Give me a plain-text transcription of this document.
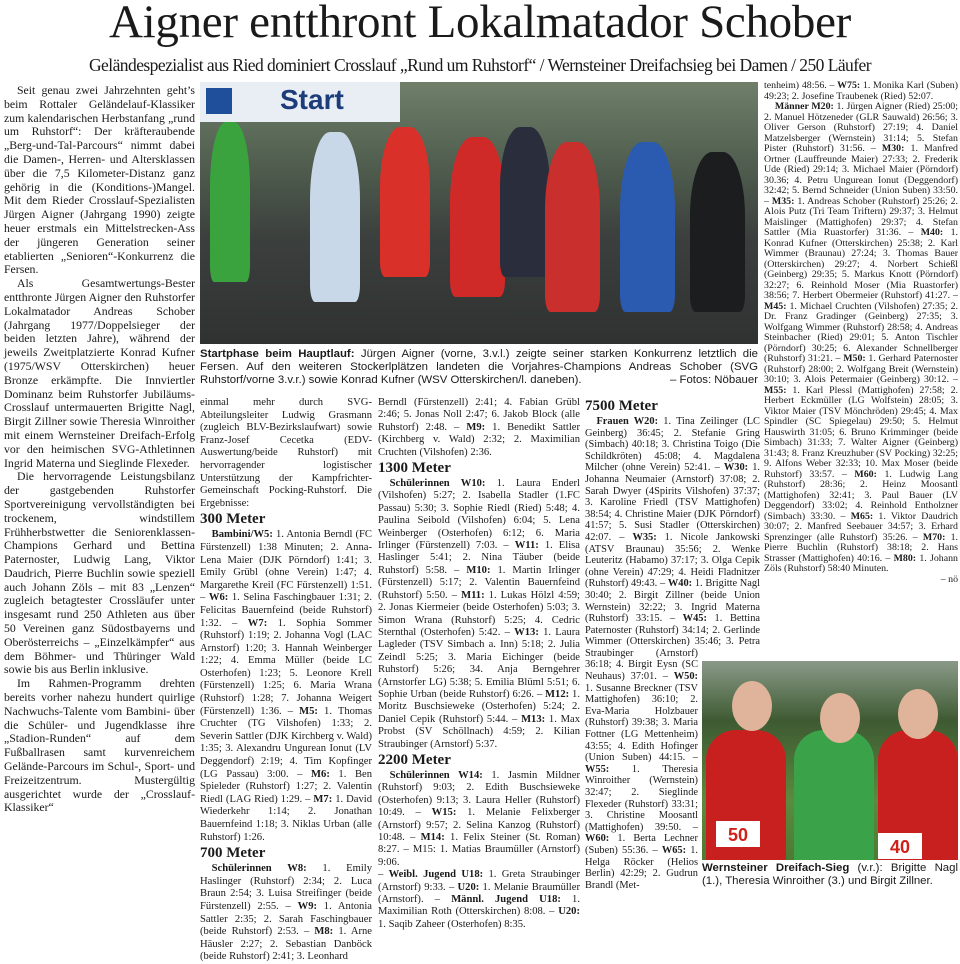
Aigner entthront Lokalmatador Schober
Geländespezialist aus Ried dominiert Crosslauf „Rund um Ruhstorf“ / Wernsteiner Dreifachsieg bei Damen / 250 Läufer
Start
Startphase beim Hauptlauf: Jürgen Aigner (vorne, 3.v.l.) zeigte seiner starken Konkurrenz letztlich die Fersen. Auf den weiteren Stockerlplätzen landeten die Vorjahres-Champions Andreas Schober (SVG Ruhstorf/vorne 3.v.r.) sowie Konrad Kufner (WSV Otterskirchen/l. daneben).	– Fotos: Nöbauer

Seit genau zwei Jahrzehnten geht’s beim Rottaler Geländelauf-Klassiker zum kalendarischen Herbstanfang „rund um Ruhstorf“: Der kräfteraubende „Berg-und-Tal-Parcours“ nimmt dabei die Damen-, Herren- und Altersklassen über die 7,5 Kilometer-Distanz ganz gehörig in die (Konditions-)Mangel. Mit dem Rieder Crosslauf-Spezialisten Jürgen Aigner (Jahrgang 1990) zeigte heuer erstmals ein Mittelstrecken-Ass der jüngeren Generation seiner etablierten „Senioren“-Konkurrenz die Fersen.

Als Gesamtwertungs-Bester entthronte Jürgen Aigner den Ruhstorfer Lokalmatador Andreas Schober (Jahrgang 1977/Doppelsieger der beiden letzten Jahre), während der jeweils Zweitplatzierte Konrad Kufner (1975/WSV Otterskirchen) heuer Bronze erkämpfte. Die Innviertler Dominanz beim Ruhstorfer Jubiläums-Crosslauf untermauerten Brigitte Nagl, Birgit Zillner sowie Theresia Winroither mit einem Wernsteiner Dreifach-Erfolg vor den heimischen SVG-Athletinnen Ingrid Materna und Sieglinde Flexeder.

Die hervorragende Leistungsbilanz der gastgebenden Ruhstorfer Sportvereinigung vervollständigten bei trockenem, windstillem Frühherbstwetter die Seniorenklassen-Champions Gerhard und Bettina Paternoster, Ludwig Lang, Viktor Daudrich, Pierre Buchlin sowie speziell auch Johann Zöls – mit 83 „Lenzen“ zugleich betagtester Crossläufer unter insgesamt rund 250 Athleten aus über 50 Vereinen ganz Südostbayerns und Oberösterreichs – „Einzelkämpfer“ aus dem Böhmer- und Thüringer Wald sowie bis aus Berlin inklusive.

Im Rahmen-Programm drehten bereits vorher nahezu hundert quirlige Nachwuchs-Talente vom Bambini- über die Schüler- und Jugendklasse ihre „Stadion-Runden“ auf dem Fußballrasen samt kurvenreichem Gelände-Parcours im Schul-, Sport- und Freizeitzentrum. Mustergültig ausgerichtet wurde der „Crosslauf-Klassiker“

einmal mehr durch SVG-Abteilungsleiter Ludwig Grasmann (zugleich BLV-Bezirkslaufwart) sowie Franz-Josef Cecetka (EDV-Auswertung/beide Ruhstorf) mit hervorragender logistischer Unterstützung der Kampfrichter-Gemeinschaft Pocking-Ruhstorf. Die Ergebnisse:

300 Meter

Bambini/W5: 1. Antonia Berndl (FC Fürstenzell) 1:38 Minuten; 2. Anna-Lena Maier (DJK Pörndorf) 1:41; 3. Emily Grübl (ohne Verein) 1:47; 4. Margarethe Kreil (FC Fürstenzell) 1:51. – W6: 1. Selina Faschingbauer 1:31; 2. Felicitas Bauernfeind (beide Ruhstorf) 1:32. – W7: 1. Sophia Sommer (Ruhstorf) 1:19; 2. Johanna Vogl (LAC Arnstorf) 1:20; 3. Hannah Weinberger 1:22; 4. Emma Müller (beide LC Osterhofen) 1:23; 5. Leonore Krell (Fürstenzell) 1:25; 6. Maria Wrana (Ruhstorf) 1:28; 7. Johanna Weigert (Fürstenzell) 1:36. – M5: 1. Thomas Cruchter (TG Vilshofen) 1:33; 2. Severin Sattler (DJK Kirchberg v. Wald) 1:35; 3. Alexandru Ungurean Ionut (LV Deggendorf) 2:19; 4. Tim Kopfinger (LG Passau) 3:00. – M6: 1. Ben Spieleder (Ruhstorf) 1:27; 2. Valentin Riedl (LAG Ried) 1:29. – M7: 1. David Wiederkehr 1:14; 2. Jonathan Bauernfeind 1:18; 3. Niklas Urban (alle Ruhstorf) 1:26.

700 Meter

Schülerinnen W8: 1. Emily Haslinger (Ruhstorf) 2:34; 2. Luca Braun 2:54; 3. Luisa Streifinger (beide Fürstenzell) 2:55. – W9: 1. Antonia Sattler 2:35; 2. Sarah Faschingbauer (beide Ruhstorf) 2:53. – M8: 1. Arne Häusler 2:27; 2. Sebastian Danböck (beide Ruhstorf) 2:41; 3. Leonhard

Berndl (Fürstenzell) 2:41; 4. Fabian Grübl 2:46; 5. Jonas Noll 2:47; 6. Jakob Block (alle Ruhstorf) 2:48. – M9: 1. Benedikt Sattler (Kirchberg v. Wald) 2:32; 2. Maximilian Cruchten (Vilshofen) 2:36.

1300 Meter

Schülerinnen W10: 1. Laura Enderl (Vilshofen) 5:27; 2. Isabella Stadler (1.FC Passau) 5:30; 3. Sophie Riedl (Ried) 5:48; 4. Paulina Seibold (Vilshofen) 6:04; 5. Lena Weinberger (Osterhofen) 6:12; 6. Maria Irlinger (Fürstenzell) 7:03. – W11: 1. Elisa Haslinger 5:41; 2. Nina Täuber (beide Ruhstorf) 5:58. – M10: 1. Martin Irlinger (Fürstenzell) 5:17; 2. Valentin Bauernfeind (Ruhstorf) 5:50. – M11: 1. Lukas Hölzl 4:59; 2. Jonas Kiermeier (beide Osterhofen) 5:03; 3. Simon Wrana (Ruhstorf) 5:25; 4. Cedric Sternthal (Osterhofen) 5:42. – W13: 1. Laura Lagleder (TSV Simbach a. Inn) 5:18; 2. Julia Zeindl 5:25; 3. Maria Eichinger (beide Ruhstorf) 5:26; 34. Anja Berngehrer (Arnstorfer LG) 5:38; 5. Emilia Blüml 5:51; 6. Sophie Urban (beide Ruhstorf) 6:26. – M12: 1. Moritz Buschsieweke (Osterhofen) 5:24; 2. Daniel Cepik (Ruhstorf) 5:44. – M13: 1. Max Probst (SV Schöllnach) 4:59; 2. Kilian Straubinger (Arnstorf) 5:37.

2200 Meter

Schülerinnen W14: 1. Jasmin Mildner (Ruhstorf) 9:03; 2. Edith Buschsieweke (Osterhofen) 9:13; 3. Laura Heller (Ruhstorf) 10:49. – W15: 1. Melanie Felixberger (Arnstorf) 9:57; 2. Selina Kanzog (Ruhstorf) 10:48. – M14: 1. Felix Steiner (St. Roman) 8:27. – M15: 1. Matias Braumüller (Arnstorf) 9:06.

– Weibl. Jugend U18: 1. Greta Straubinger (Arnstorf) 9:33. – U20: 1. Melanie Braumüller (Arnstorf). – Männl. Jugend U18: 1. Maximilian Roth (Otterskirchen) 8:08. – U20: 1. Saqib Zaheer (Osterhofen) 8:35.

7500 Meter

Frauen W20: 1. Tina Zeilinger (LC Geinberg) 36:45; 2. Stefanie Gring (Simbach) 40:18; 3. Christina Toigo (Die Schildkröten) 45:08; 4. Magdalena Milcher (ohne Verein) 52:41. – W30: 1. Johanna Neumaier (Arnstorf) 37:08; 2. Sarah Dwyer (4Spirits Vilshofen) 37:37; 3. Karoline Friedl (TSV Mattighofen) 38:54; 4. Christine Maier (DJK Pörndorf) 41:57; 5. Susi Stadler (Otterskirchen) 42:07. – W35: 1. Nicole Jankowski (ATSV Braunau) 35:56; 2. Wenke Leuteritz (Habamo) 37:17; 3. Olga Cepik (ohne Verein) 47:29; 4. Heidi Fladnitzer (Ruhstorf) 49:43. – W40: 1. Brigitte Nagl 30:40; 2. Birgit Zillner (beide Union Wernstein) 32:22; 3. Ingrid Materna (Ruhstorf) 33:15. – W45: 1. Bettina Paternoster (Ruhstorf) 34:14; 2. Gerlinde Wimmer (Otterskirchen) 35:46; 3. Petra Straubinger (Arnstorf) 36:18; 4. Birgit Eysn (SC Neuhaus) 37:01. – W50: 1. Susanne Breckner (TSV Mattighofen) 36:10; 2. Eva-Maria Holzbauer (Ruhstorf) 39:38; 3. Maria Fottner (LG Mettenheim) 43:55; 4. Edith Hofinger (Union Suben) 44:15. – W55: 1. Theresia Winroither (Wernstein) 32:47; 2. Sieglinde Flexeder (Ruhstorf) 33:31; 3. Christine Moosantl (Mattighofen) 39:50. – W60: 1. Berta Lechner (Suben) 55:36. – W65: 1. Helga Röcker (Helios Berlin) 42:29; 2. Gudrun Brandl (Met-

tenheim) 48:56. – W75: 1. Monika Karl (Suben) 49:23; 2. Josefine Traubenek (Ried) 52:07.

Männer M20: 1. Jürgen Aigner (Ried) 25:00; 2. Manuel Hötzeneder (GLR Sauwald) 26:56; 3. Oliver Gerson (Ruhstorf) 27:19; 4. Daniel Matzelsberger (Wernstein) 31:14; 5. Stefan Pister (Ruhstorf) 31:56. – M30: 1. Manfred Ortner (Lauffreunde Maier) 27:33; 2. Frederik Ude (Ried) 29:14; 3. Michael Maier (Pörndorf) 30.36; 4. Petru Ungurean Ionut (Deggendorf) 32:42; 5. Bernd Schneider (Union Suben) 33:50. – M35: 1. Andreas Schober (Ruhstorf) 25:26; 2. Alois Putz (Tri Team Triftern) 29:37; 3. Helmut Maislinger (Mattighofen) 29:37; 4. Stefan Sattler (Mia Ruastorfer) 31:36. – M40: 1. Konrad Kufner (Otterskirchen) 25:38; 2. Karl Wimmer (Braunau) 27:24; 3. Thomas Bauer (Otterskirchen) 29:27; 4. Norbert Schießl (Geinberg) 29:35; 5. Markus Knott (Pörndorf) 32:27; 6. Reinhold Moser (Mia Ruastorfer) 38:56; 7. Herbert Obermeier (Ruhstorf) 41:27. – M45: 1. Michael Cruchten (Vilshofen) 27:35; 2. Dr. Franz Gradinger (Geinberg) 27:35; 3. Wolfgang Wimmer (Ruhstorf) 28:58; 4. Andreas Steinbacher (Ried) 29:01; 5. Anton Tischler (Pörndorf) 30:25; 6. Alexander Schnellberger (Ruhstorf) 31:21. – M50: 1. Gerhard Paternoster (Ruhstorf) 28:00; 2. Wolfgang Breit (Wernstein) 30:10; 3. Alois Petermaier (Geinberg) 30:12. – M55: 1. Karl Plessl (Mattighofen) 27:58; 2. Herbert Eckmüller (LG Wolfstein) 28:05; 3. Viktor Maier (TSV Mönchröden) 29:45; 4. Max Spindler (SC Spiegelau) 29:50; 5. Helmut Hauswirth 31:05; 6. Bruno Krimminger (beide Simbach) 31:33; 7. Walter Aigner (Geinberg) 31:43; 8. Franz Kreuzhuber (SV Pocking) 32:25; 9. Alfons Weber 32:33; 10. Max Moser (beide Ruhstorf) 33:57. – M60: 1. Ludwig Lang (Ruhstorf) 28:36; 2. Heinz Moosantl (Mattighofen) 32:41; 3. Paul Bauer (LV Deggendorf) 33:02; 4. Reinhold Entholzner (Simbach) 33:30. – M65: 1. Viktor Daudrich 30:07; 2. Manfred Seebauer 34:57; 3. Erhard Sprenzinger (alle Ruhstorf) 35:26. – M70: 1. Pierre Buchlin (Ruhstorf) 38:18; 2. Hans Strasser (Mattighofen) 40:16. – M80: 1. Johann Zöls (Ruhstorf) 58:40 Minuten.

– nö
50
40
Wernsteiner Dreifach-Sieg (v.r.): Brigitte Nagl (1.), Theresia Winroither (3.) und Birgit Zillner.
